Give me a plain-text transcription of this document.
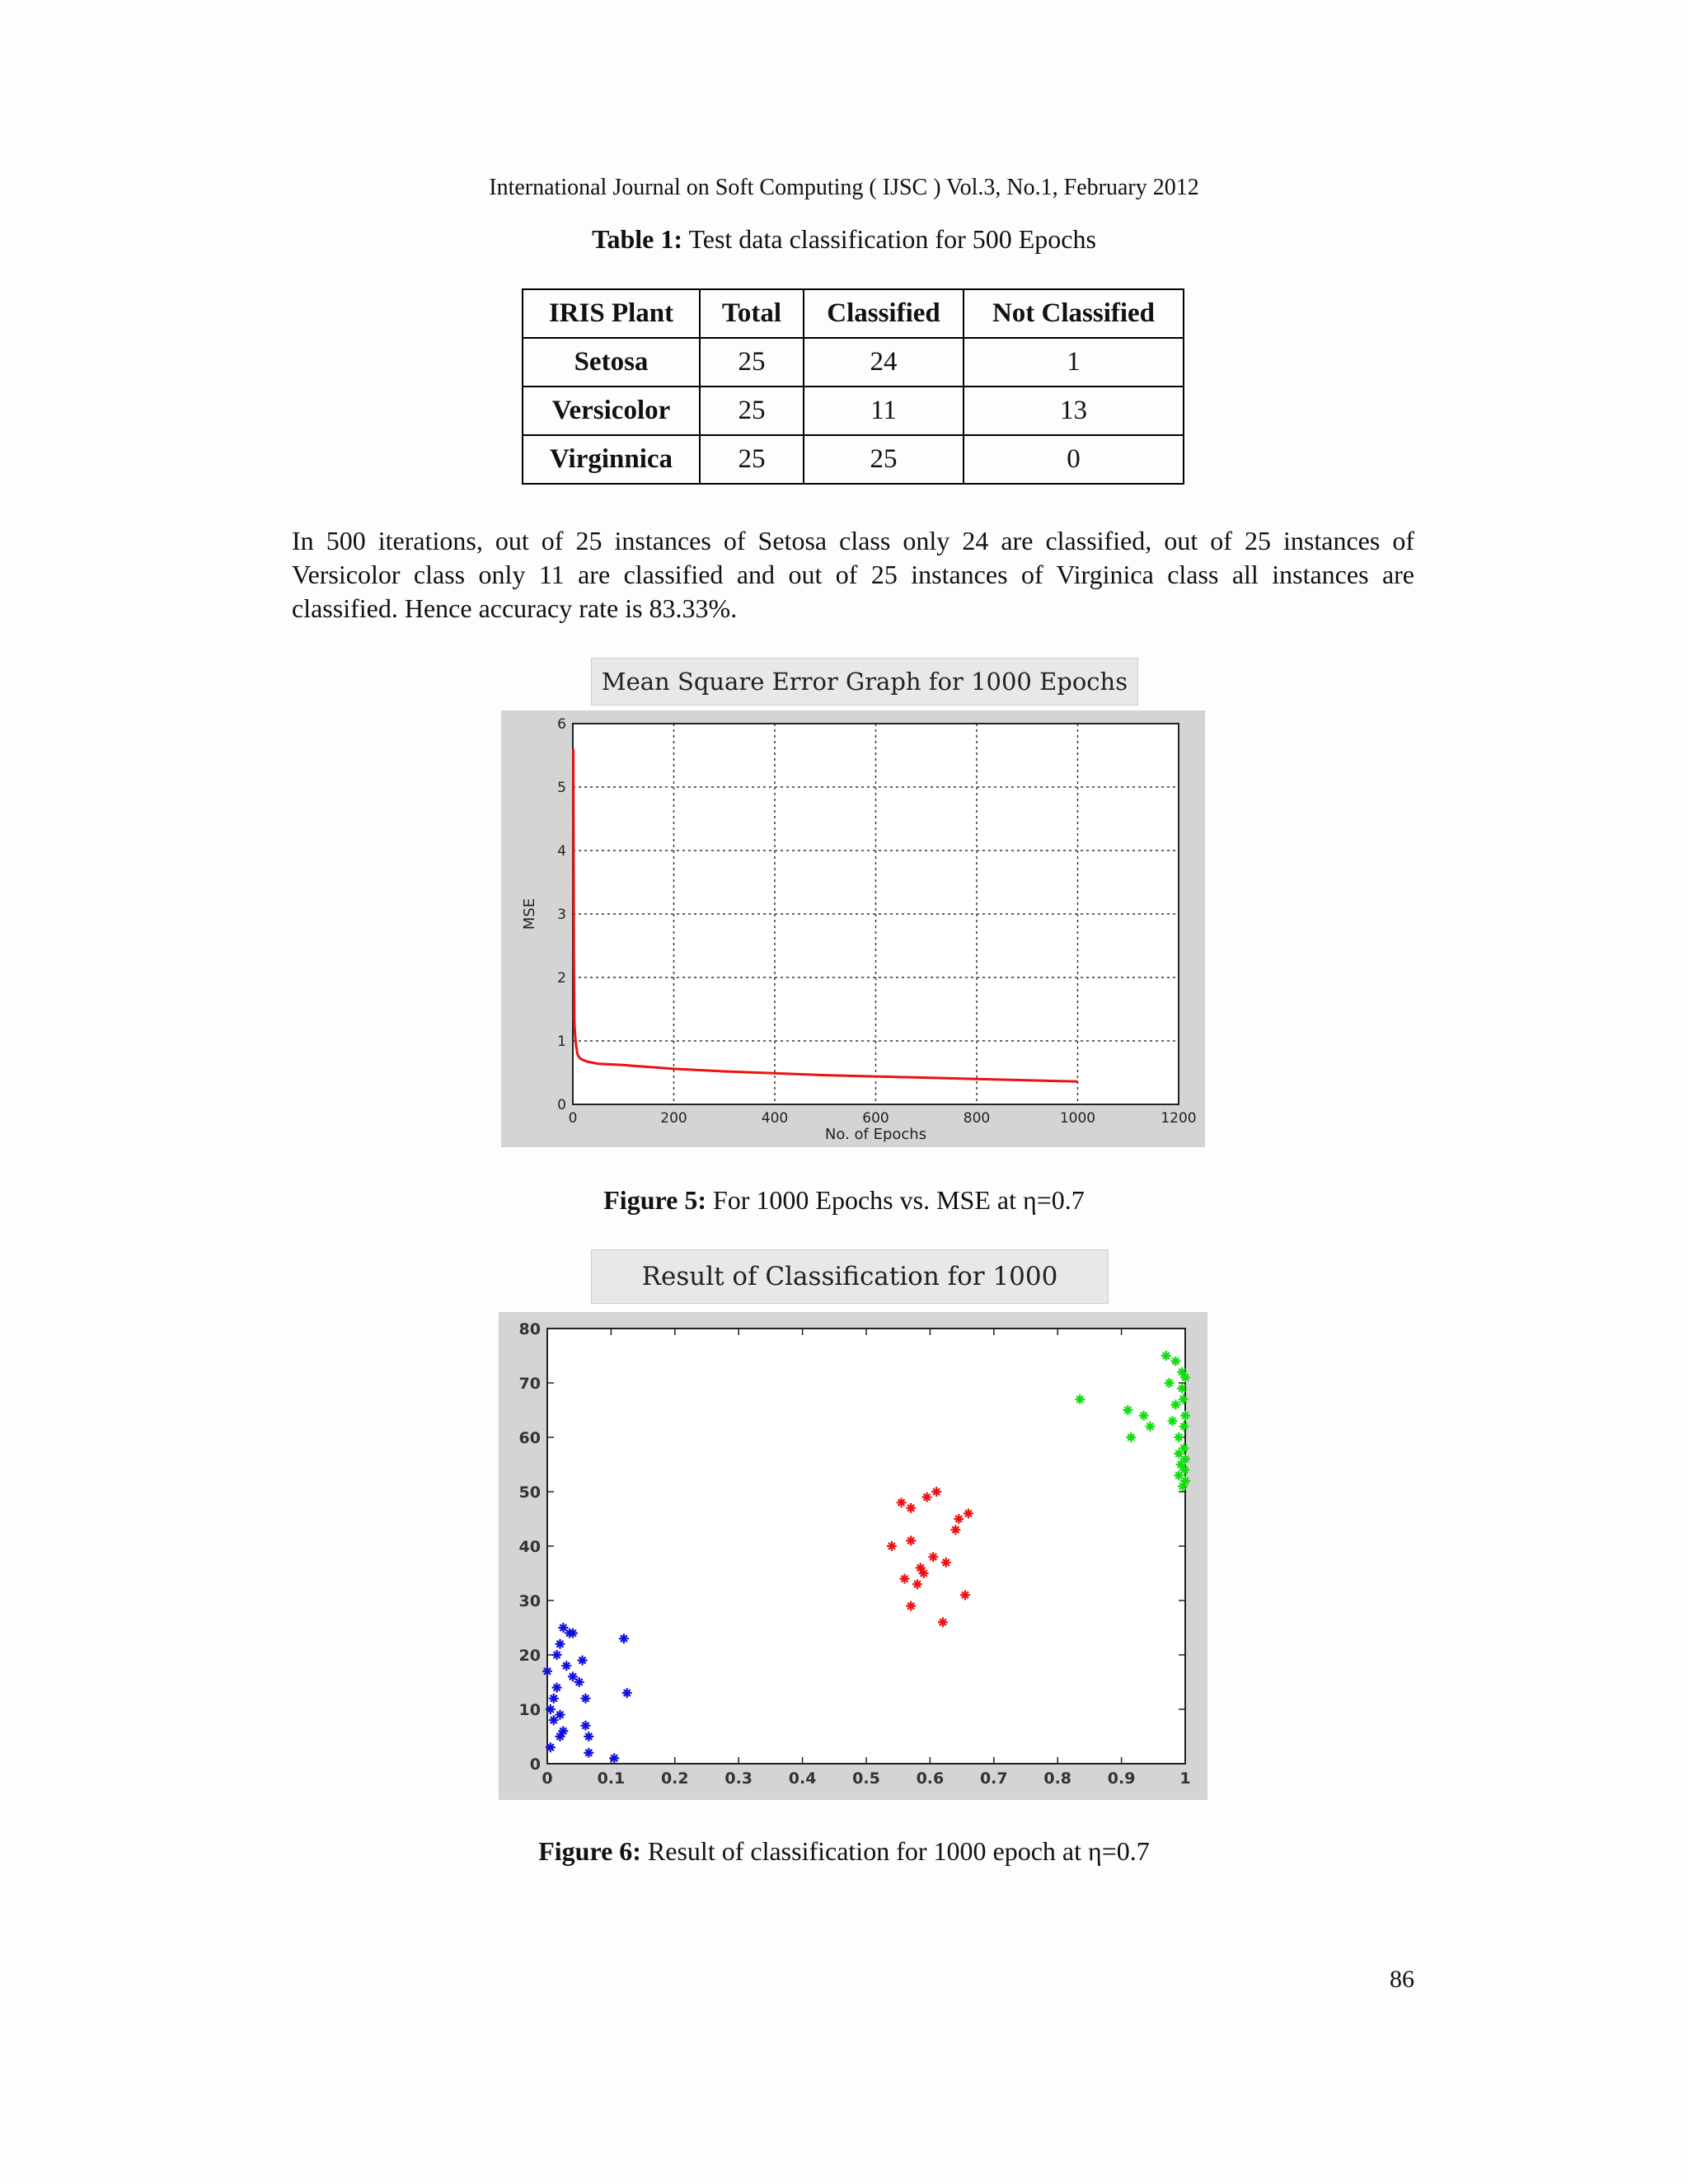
International Journal on Soft Computing ( IJSC ) Vol.3, No.1, February 2012
Table 1: Test data classification for 500 Epochs
IRIS Plant	Total	Classified	Not Classified
Setosa	25	24	1
Versicolor	25	11	13
Virginnica	25	25	0
In 500 iterations, out of 25 instances of Setosa class only 24 are classified, out of 25 instances of Versicolor class only 11 are classified and out of 25 instances of Virginica class all instances are classified. Hence accuracy rate is 83.33%.
Mean Square Error Graph for 1000 Epochs
0	200	400	600	800	1000	1200
0
1
2
3
4
5
6
No. of Epochs
MSE
Figure 5: For 1000 Epochs vs. MSE at η=0.7
Result of Classification for 1000
0	0.1 0.2 0.3 0.4 0.5 0.6 0.7 0.8 0.9	1
0
10
20
30
40
50
60
70
80
Figure 6: Result of classification for 1000 epoch at η=0.7
86
